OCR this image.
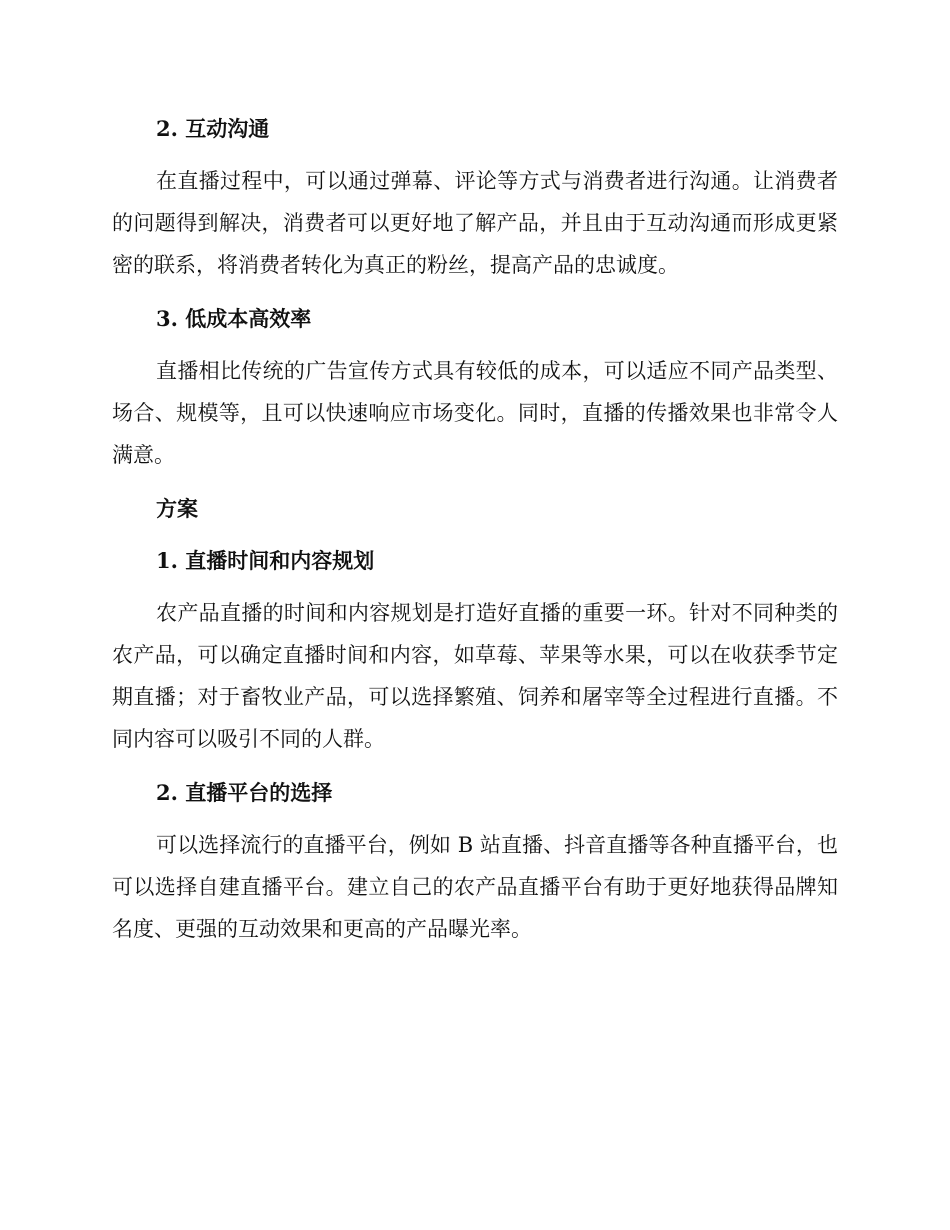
2. 互动沟通

在直播过程中，可以通过弹幕、评论等方式与消费者进行沟通。让消费者的问题得到解决，消费者可以更好地了解产品，并且由于互动沟通而形成更紧密的联系，将消费者转化为真正的粉丝，提高产品的忠诚度。

3. 低成本高效率

直播相比传统的广告宣传方式具有较低的成本，可以适应不同产品类型、场合、规模等，且可以快速响应市场变化。同时，直播的传播效果也非常令人满意。

方案
1. 直播时间和内容规划

农产品直播的时间和内容规划是打造好直播的重要一环。针对不同种类的农产品，可以确定直播时间和内容，如草莓、苹果等水果，可以在收获季节定期直播；对于畜牧业产品，可以选择繁殖、饲养和屠宰等全过程进行直播。不同内容可以吸引不同的人群。

2. 直播平台的选择

可以选择流行的直播平台，例如 B 站直播、抖音直播等各种直播平台，也可以选择自建直播平台。建立自己的农产品直播平台有助于更好地获得品牌知名度、更强的互动效果和更高的产品曝光率。
